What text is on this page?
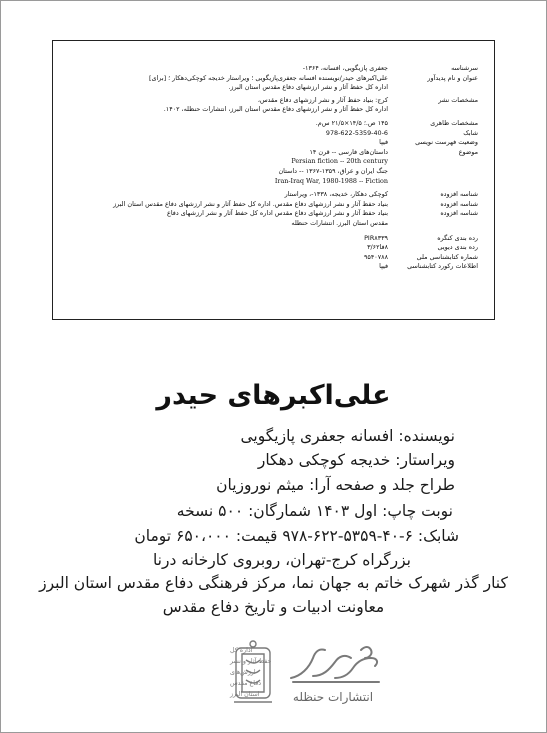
سرشناسه
جعفری پازیگویی، افسانه، ۱۳۶۴-
عنوان و نام پدیدآور
علی‌اکبرهای حیدر/نویسنده افسانه جعفری‌پازیگویی ؛ ویراستار خدیجه کوچکی‌دهکار ؛ [برای]
اداره کل حفظ آثار و نشر ارزشهای دفاع مقدس استان البرز.
مشخصات نشر
کرج: بنیاد حفظ آثار و نشر ارزشهای دفاع مقدس،
اداره کل حفظ آثار و نشر ارزشهای دفاع مقدس استان البرز، انتشارات حنظله، ۱۴۰۲.
مشخصات ظاهری
۱۴۵ ص.؛ ۱۴/۵×۲۱/۵ س‌م.
شابک
978-622-5359-40-6
وضعیت فهرست نویسی
فیپا
موضوع
داستان‌های فارسی -- قرن ۱۴
Persian fiction -- 20th century
جنگ ایران و عراق، ۱۳۵۹-۱۳۶۷ -- داستان
Iran-Iraq War, 1980-1988 -- Fiction
شناسه افزوده
کوچکی دهکار، خدیجه، ۱۳۳۸-، ویراستار
شناسه افزوده
بنیاد حفظ آثار و نشر ارزشهای دفاع مقدس. اداره کل حفظ آثار و نشر ارزشهای دفاع مقدس استان البرز
شناسه افزوده
بنیاد حفظ آثار و نشر ارزشهای دفاع مقدس اداره کل حفظ آثار و نشر ارزشهای دفاع
مقدس استان البرز. انتشارات حنظله
رده بندی کنگره
PIR۸۳۳۹
رده بندی دیویی
۸فا۳/۶۲
شماره کتابشناسی ملی
۹۵۴۰۷۸۸
اطلاعات رکورد کتابشناسی
فیپا
علی‌اکبرهای حیدر
نویسنده: افسانه جعفری پازیگویی
ویراستار: خدیجه کوچکی دهکار
طراح جلد و صفحه آرا: میثم نوروزیان
نوبت چاپ: اول ۱۴۰۳ شمارگان: ۵۰۰ نسخه
شابک: ۶-۴۰-۵۳۵۹-۶۲۲-۹۷۸ قیمت: ۶۵۰،۰۰۰ تومان
بزرگراه کرج-تهران، روبروی کارخانه درنا
کنار گذر شهرک خاتم به جهان نما، مرکز فرهنگی دفاع مقدس استان البرز
معاونت ادبیات و تاریخ دفاع مقدس
اداره کل
حفظ آثار و نشر
ارزش‌های
دفاع مقدس
استان البرز	انتشارات حنظله
